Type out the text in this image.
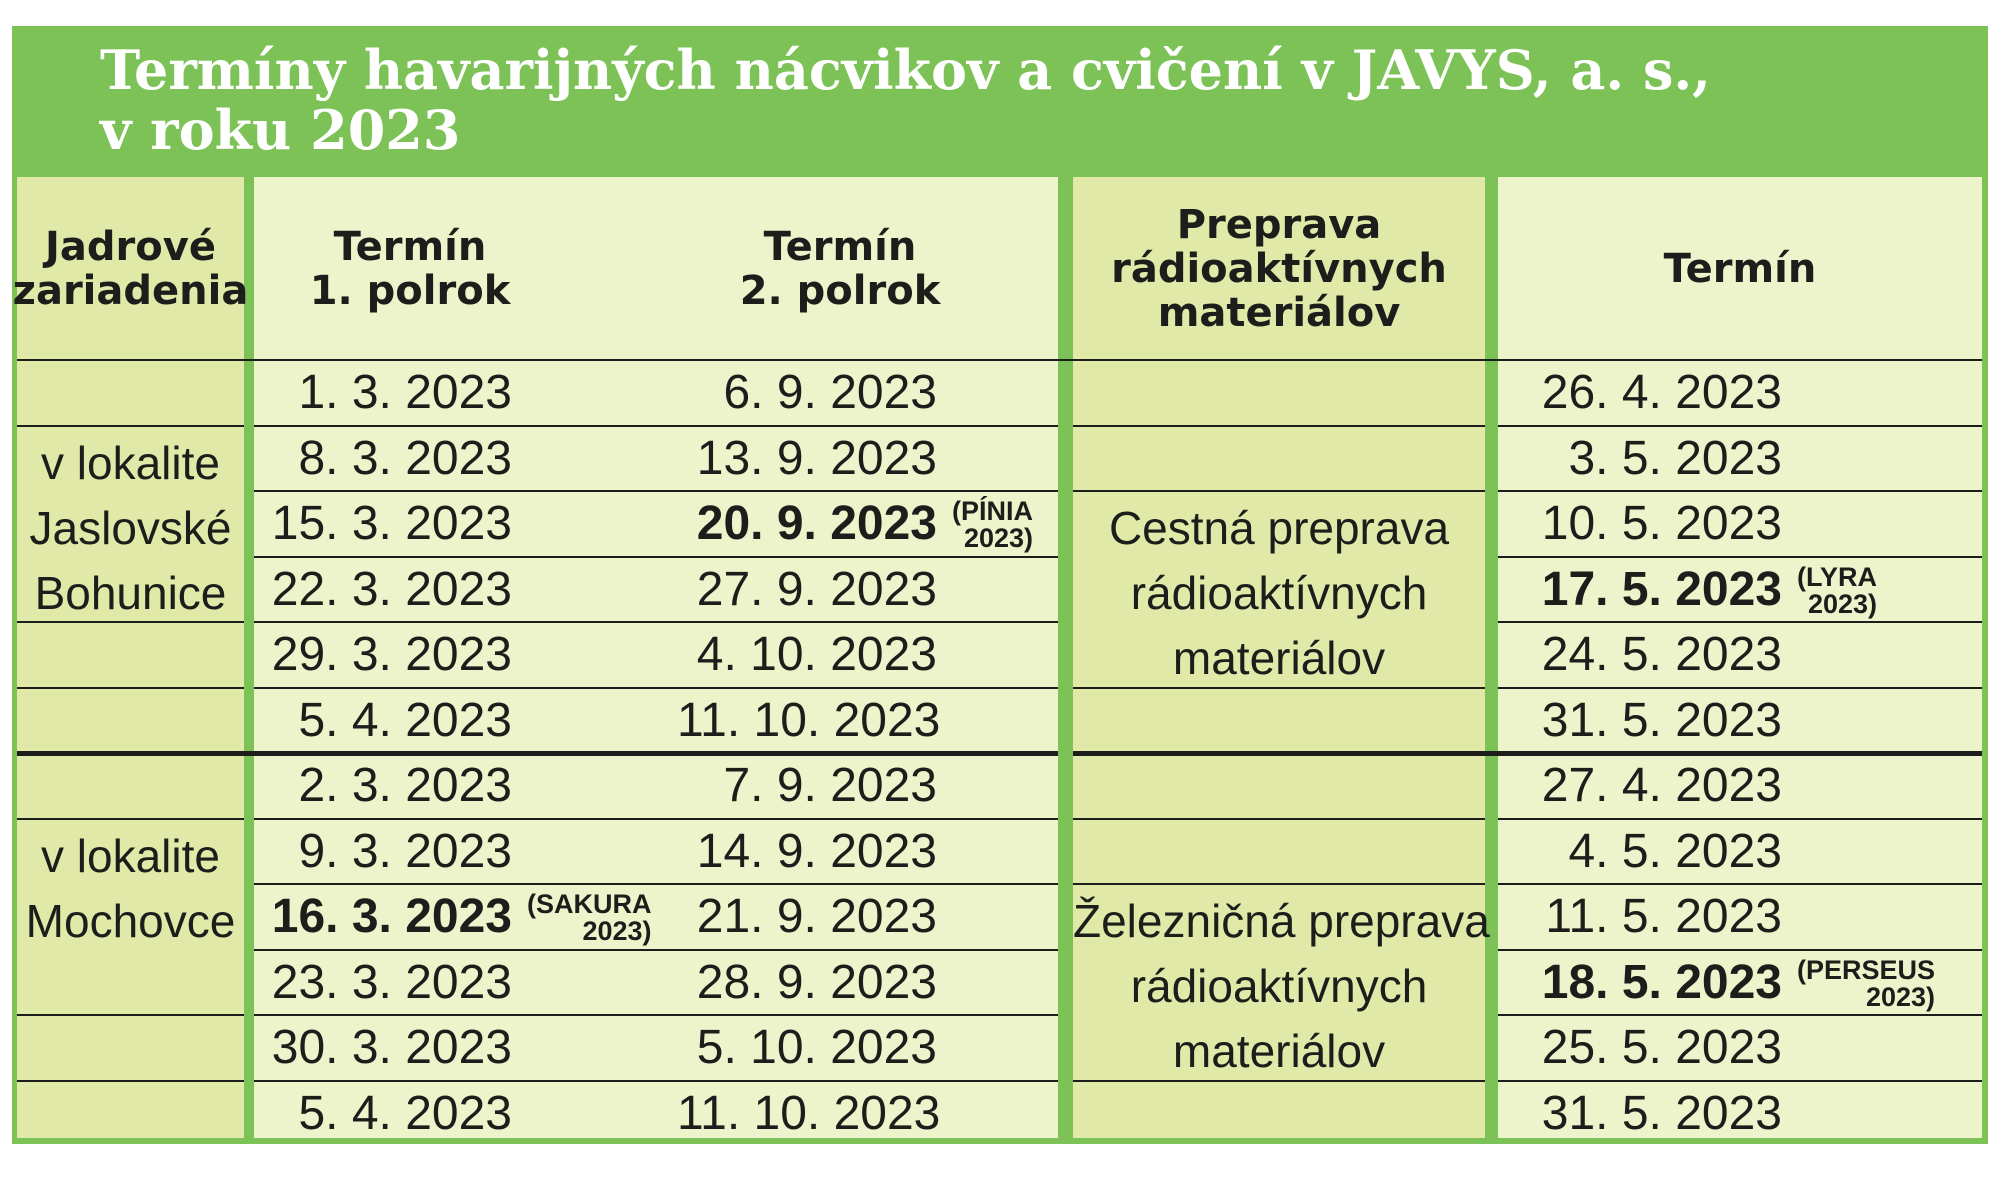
Termíny havarijných nácvikov a cvičení v JAVYS, a. s.,
v roku 2023
Jadrové
zariadenia
Termín
1. polrok
Termín
2. polrok
Preprava
rádioaktívnych
materiálov
Termín
1. 3. 2023
8. 3. 2023
15. 3. 2023
22. 3. 2023
29. 3. 2023
5. 4. 2023
6. 9. 2023
13. 9. 2023
20. 9. 2023 (PÍNIA
2023)
27. 9. 2023
4. 10. 2023
11. 10. 2023
v lokalite
Jaslovské
Bohunice
2. 3. 2023
9. 3. 2023
16. 3. 2023 (SAKURA
2023)
23. 3. 2023
30. 3. 2023
5. 4. 2023
7. 9. 2023
14. 9. 2023
21. 9. 2023
28. 9. 2023
5. 10. 2023
11. 10. 2023
v lokalite
Mochovce
26. 4. 2023
3. 5. 2023
10. 5. 2023
17. 5. 2023 (LYRA
2023)
24. 5. 2023
31. 5. 2023
Cestná preprava
rádioaktívnych
materiálov
27. 4. 2023
4. 5. 2023
11. 5. 2023
18. 5. 2023 (PERSEUS
2023)
25. 5. 2023
31. 5. 2023
Železničná preprava
rádioaktívnych
materiálov
